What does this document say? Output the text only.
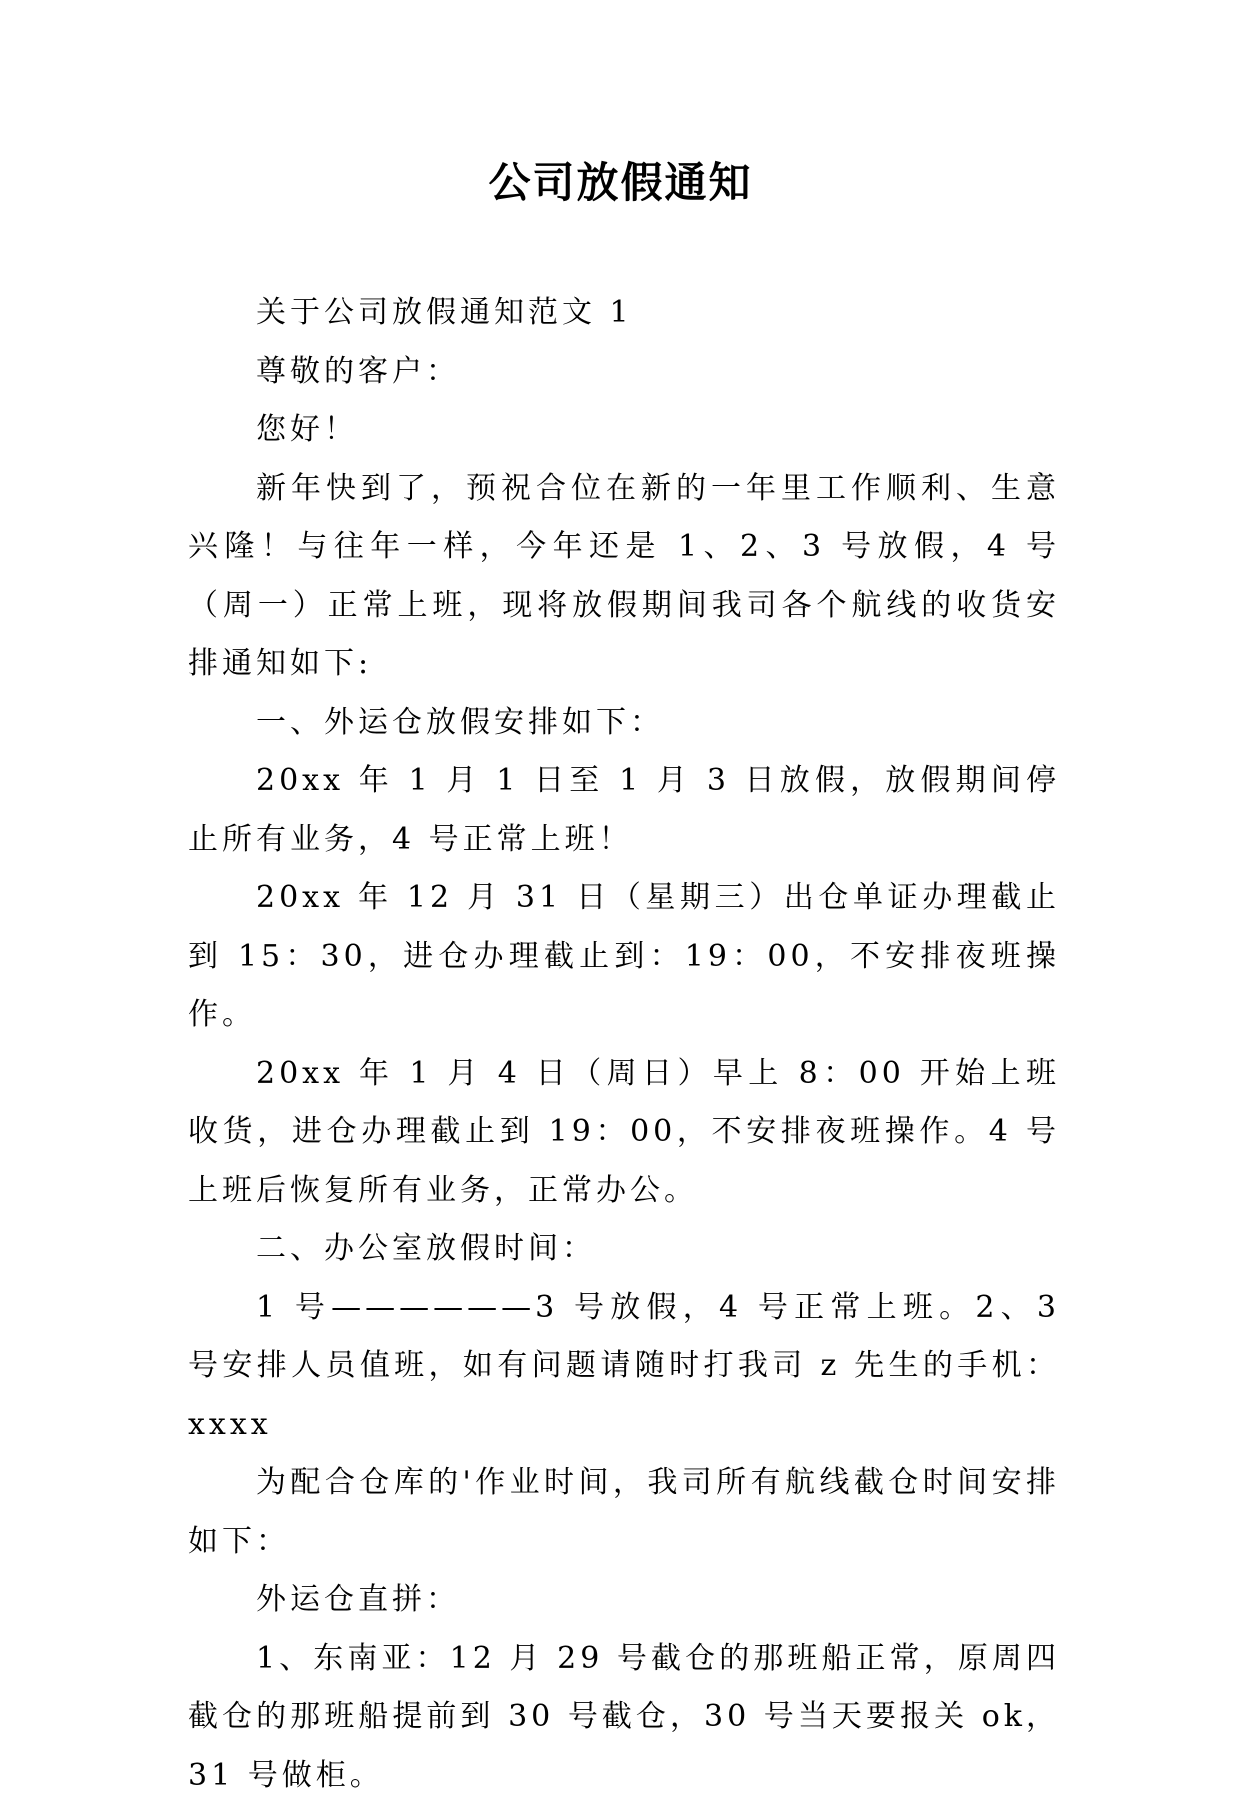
公司放假通知

关于公司放假通知范文 1

尊敬的客户：

您好！

新年快到了，预祝合位在新的一年里工作顺利、生意兴隆！与往年一样，今年还是 1、2、3 号放假，4 号（周一）正常上班，现将放假期间我司各个航线的收货安排通知如下:

一、外运仓放假安排如下：

20xx 年 1 月 1 日至 1 月 3 日放假，放假期间停止所有业务，4 号正常上班！

20xx 年 12 月 31 日（星期三）出仓单证办理截止到 15：30，进仓办理截止到：19：00，不安排夜班操作。

20xx 年 1 月 4 日（周日）早上 8：00 开始上班收货，进仓办理截止到 19：00，不安排夜班操作。4 号上班后恢复所有业务，正常办公。

二、办公室放假时间：

1 号——————3 号放假，4 号正常上班。2、3 号安排人员值班，如有问题请随时打我司 z 先生的手机：xxxx

为配合仓库的'作业时间，我司所有航线截仓时间安排如下：

外运仓直拼：

1、东南亚：12 月 29 号截仓的那班船正常，原周四截仓的那班船提前到 30 号截仓，30 号当天要报关 ok，31 号做柜。
